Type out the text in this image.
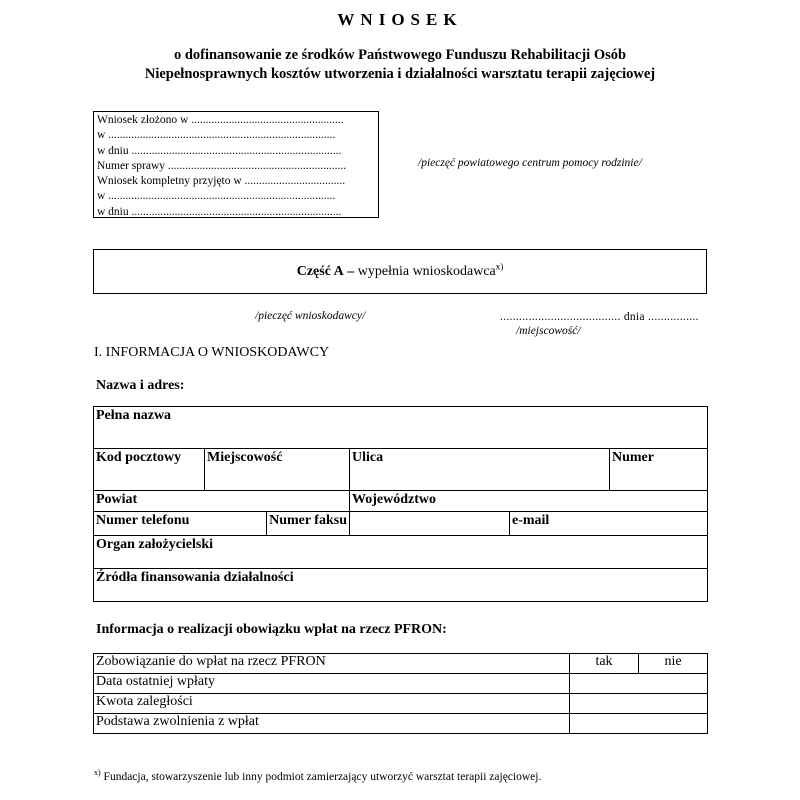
WNIOSEK
o dofinansowanie ze środków Państwowego Funduszu Rehabilitacji Osób
Niepełnosprawnych kosztów utworzenia i działalności warsztatu terapii zajęciowej
Wniosek złożono w .....................................................
w ...............................................................................
w dniu .........................................................................
Numer sprawy ..............................................................
Wniosek kompletny przyjęto w ...................................
w ...............................................................................
w dniu .........................................................................
/pieczęć powiatowego centrum pomocy rodzinie/
Część A – wypełnia wnioskodawca$^{x)}$
/pieczęć wnioskodawcy/	...................................... dnia ................
/miejscowość/
I. INFORMACJA O WNIOSKODAWCY
Nazwa i adres:
Pełna nazwa			
Kod pocztowy	Miejscowość	Ulica	Numer
Powiat		Województwo	

Numer telefonu Numer faksu		e-mail	

Organ założycielski			
Źródła finansowania działalności			
Informacja o realizacji obowiązku wpłat na rzecz PFRON:
Zobowiązanie do wpłat na rzecz PFRON	tak	nie
Data ostatniej wpłaty		
Kwota zaległości		
Podstawa zwolnienia z wpłat		
$^{x)}$ Fundacja, stowarzyszenie lub inny podmiot zamierzający utworzyć warsztat terapii zajęciowej.
